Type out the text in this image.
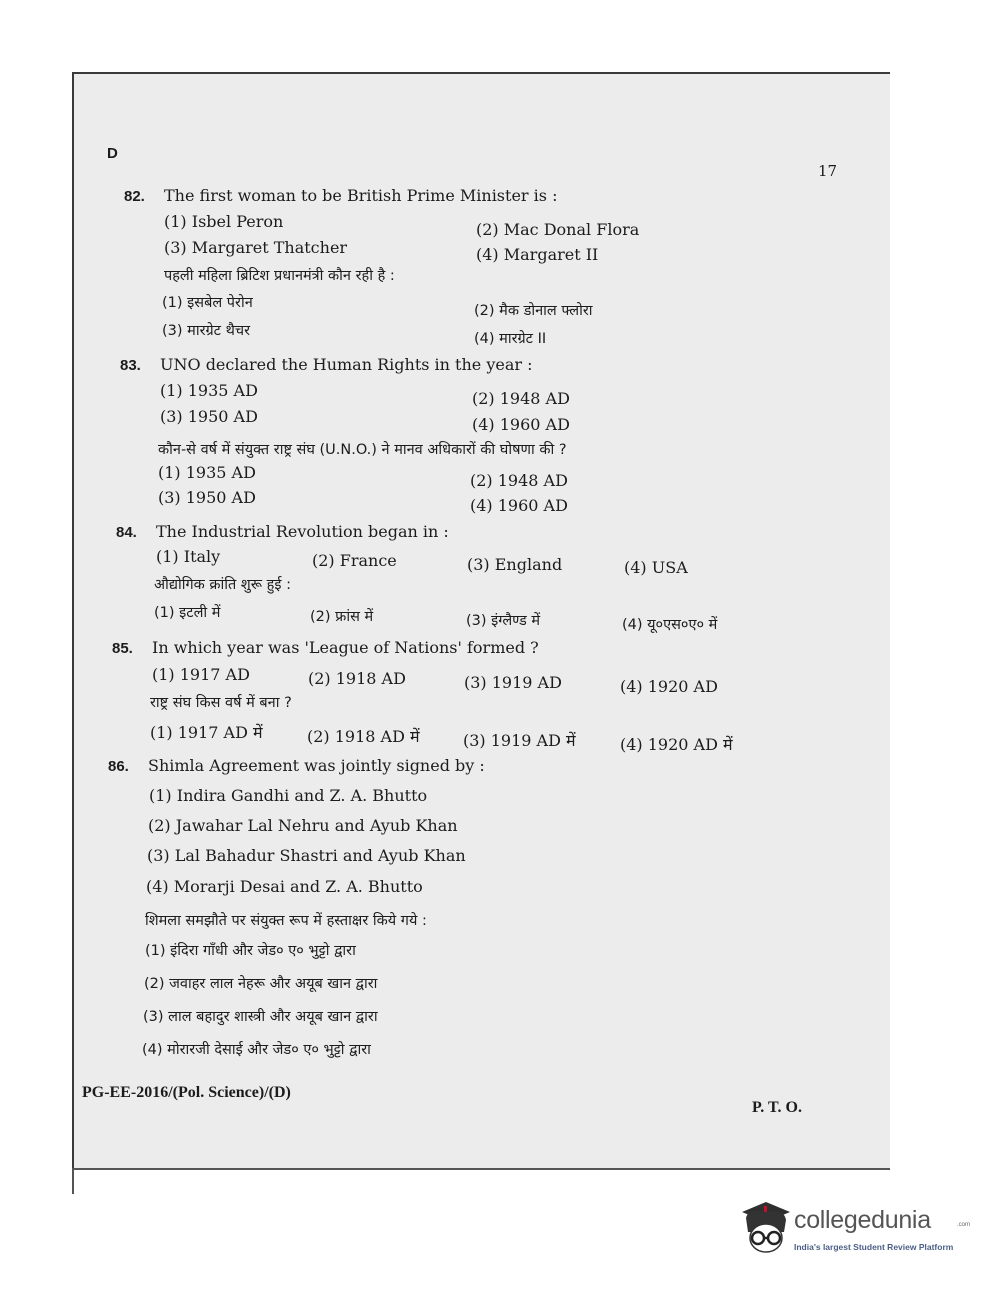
D
17
82. The first woman to be British Prime Minister is :
(1) Isbel Peron	(2) Mac Donal Flora
(3) Margaret Thatcher	(4) Margaret II
पहली महिला ब्रिटिश प्रधानमंत्री कौन रही है :
(1) इसबेल पेरोन	(2) मैक डोनाल फ्लोरा
(3) मारग्रेट थैचर	(4) मारग्रेट II
83. UNO declared the Human Rights in the year :
(1) 1935 AD	(2) 1948 AD
(3) 1950 AD	(4) 1960 AD
कौन-से वर्ष में संयुक्त राष्ट्र संघ (U.N.O.) ने मानव अधिकारों की घोषणा की ?
(1) 1935 AD	(2) 1948 AD
(3) 1950 AD	(4) 1960 AD
84. The Industrial Revolution began in :
(1) Italy	(2) France	(3) England	(4) USA
औद्योगिक क्रांति शुरू हुई :
(1) इटली में	(2) फ्रांस में	(3) इंग्लैण्ड में	(4) यू०एस०ए० में
85. In which year was 'League of Nations' formed ?
(1) 1917 AD	(2) 1918 AD	(3) 1919 AD	(4) 1920 AD
राष्ट्र संघ किस वर्ष में बना ?
(1) 1917 AD में	(2) 1918 AD में	(3) 1919 AD में	(4) 1920 AD में
86. Shimla Agreement was jointly signed by :
(1) Indira Gandhi and Z. A. Bhutto
(2) Jawahar Lal Nehru and Ayub Khan
(3) Lal Bahadur Shastri and Ayub Khan
(4) Morarji Desai and Z. A. Bhutto
शिमला समझौते पर संयुक्त रूप में हस्ताक्षर किये गये :
(1) इंदिरा गाँधी और जेड० ए० भुट्टो द्वारा
(2) जवाहर लाल नेहरू और अयूब खान द्वारा
(3) लाल बहादुर शास्त्री और अयूब खान द्वारा
(4) मोरारजी देसाई और जेड० ए० भुट्टो द्वारा
PG-EE-2016/(Pol. Science)/(D)
P. T. O.
collegedunia	.com
India's largest Student Review Platform
